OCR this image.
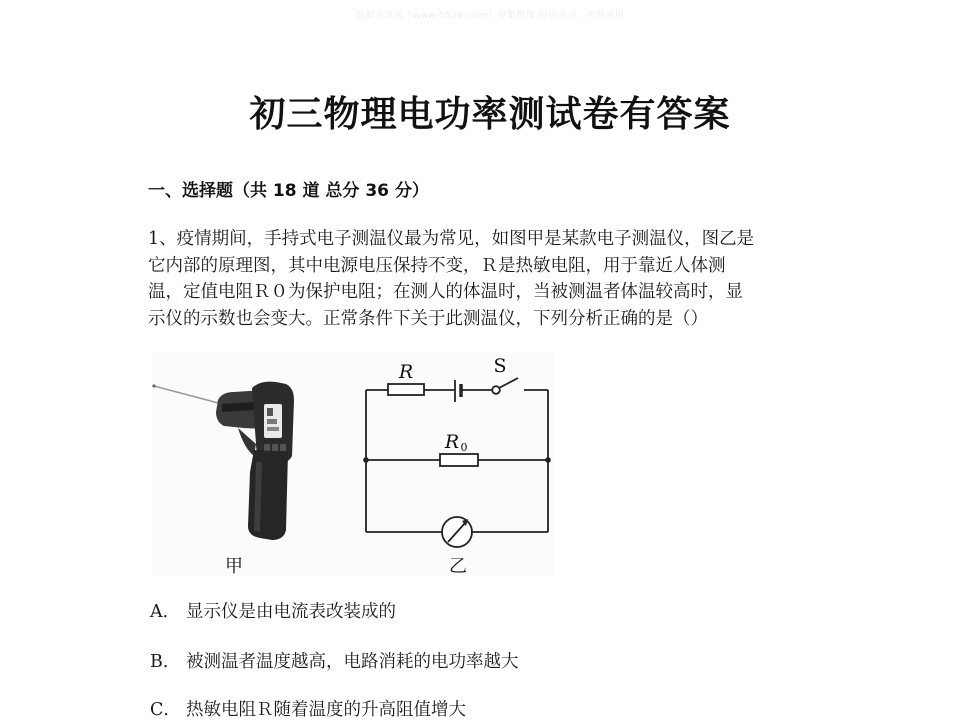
资源共享网（www.0516.com）收集整理 仅供学习，不得商用
初三物理电功率测试卷有答案
一、选择题（共 18 道 总分 36 分）

1、疫情期间，手持式电子测温仪最为常见，如图甲是某款电子测温仪，图乙是

它内部的原理图，其中电源电压保持不变，Ｒ是热敏电阻，用于靠近人体测

温，定值电阻Ｒ０为保护电阻；在测人的体温时，当被测温者体温较高时，显

示仪的示数也会变大。正常条件下关于此测温仪，下列分析正确的是（）

甲
R	S
R 0
乙
A． 显示仪是由电流表改装成的
B． 被测温者温度越高，电路消耗的电功率越大
C． 热敏电阻Ｒ随着温度的升高阻值增大
